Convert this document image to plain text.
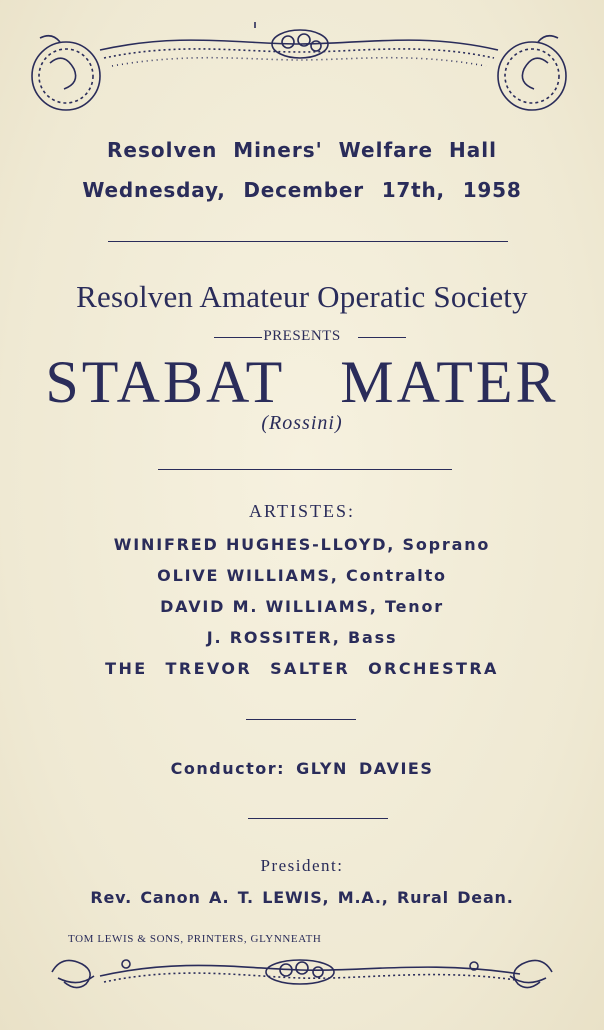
Resolven Miners' Welfare Hall
Wednesday, December 17th, 1958
Resolven Amateur Operatic Society
PRESENTS
STABAT MATER
(Rossini)
ARTISTES:
WINIFRED HUGHES-LLOYD, Soprano
OLIVE WILLIAMS, Contralto
DAVID M. WILLIAMS, Tenor
J. ROSSITER, Bass
THE TREVOR SALTER ORCHESTRA
Conductor: GLYN DAVIES
President:
Rev. Canon A. T. LEWIS, M.A., Rural Dean.
TOM LEWIS & SONS, PRINTERS, GLYNNEATH
